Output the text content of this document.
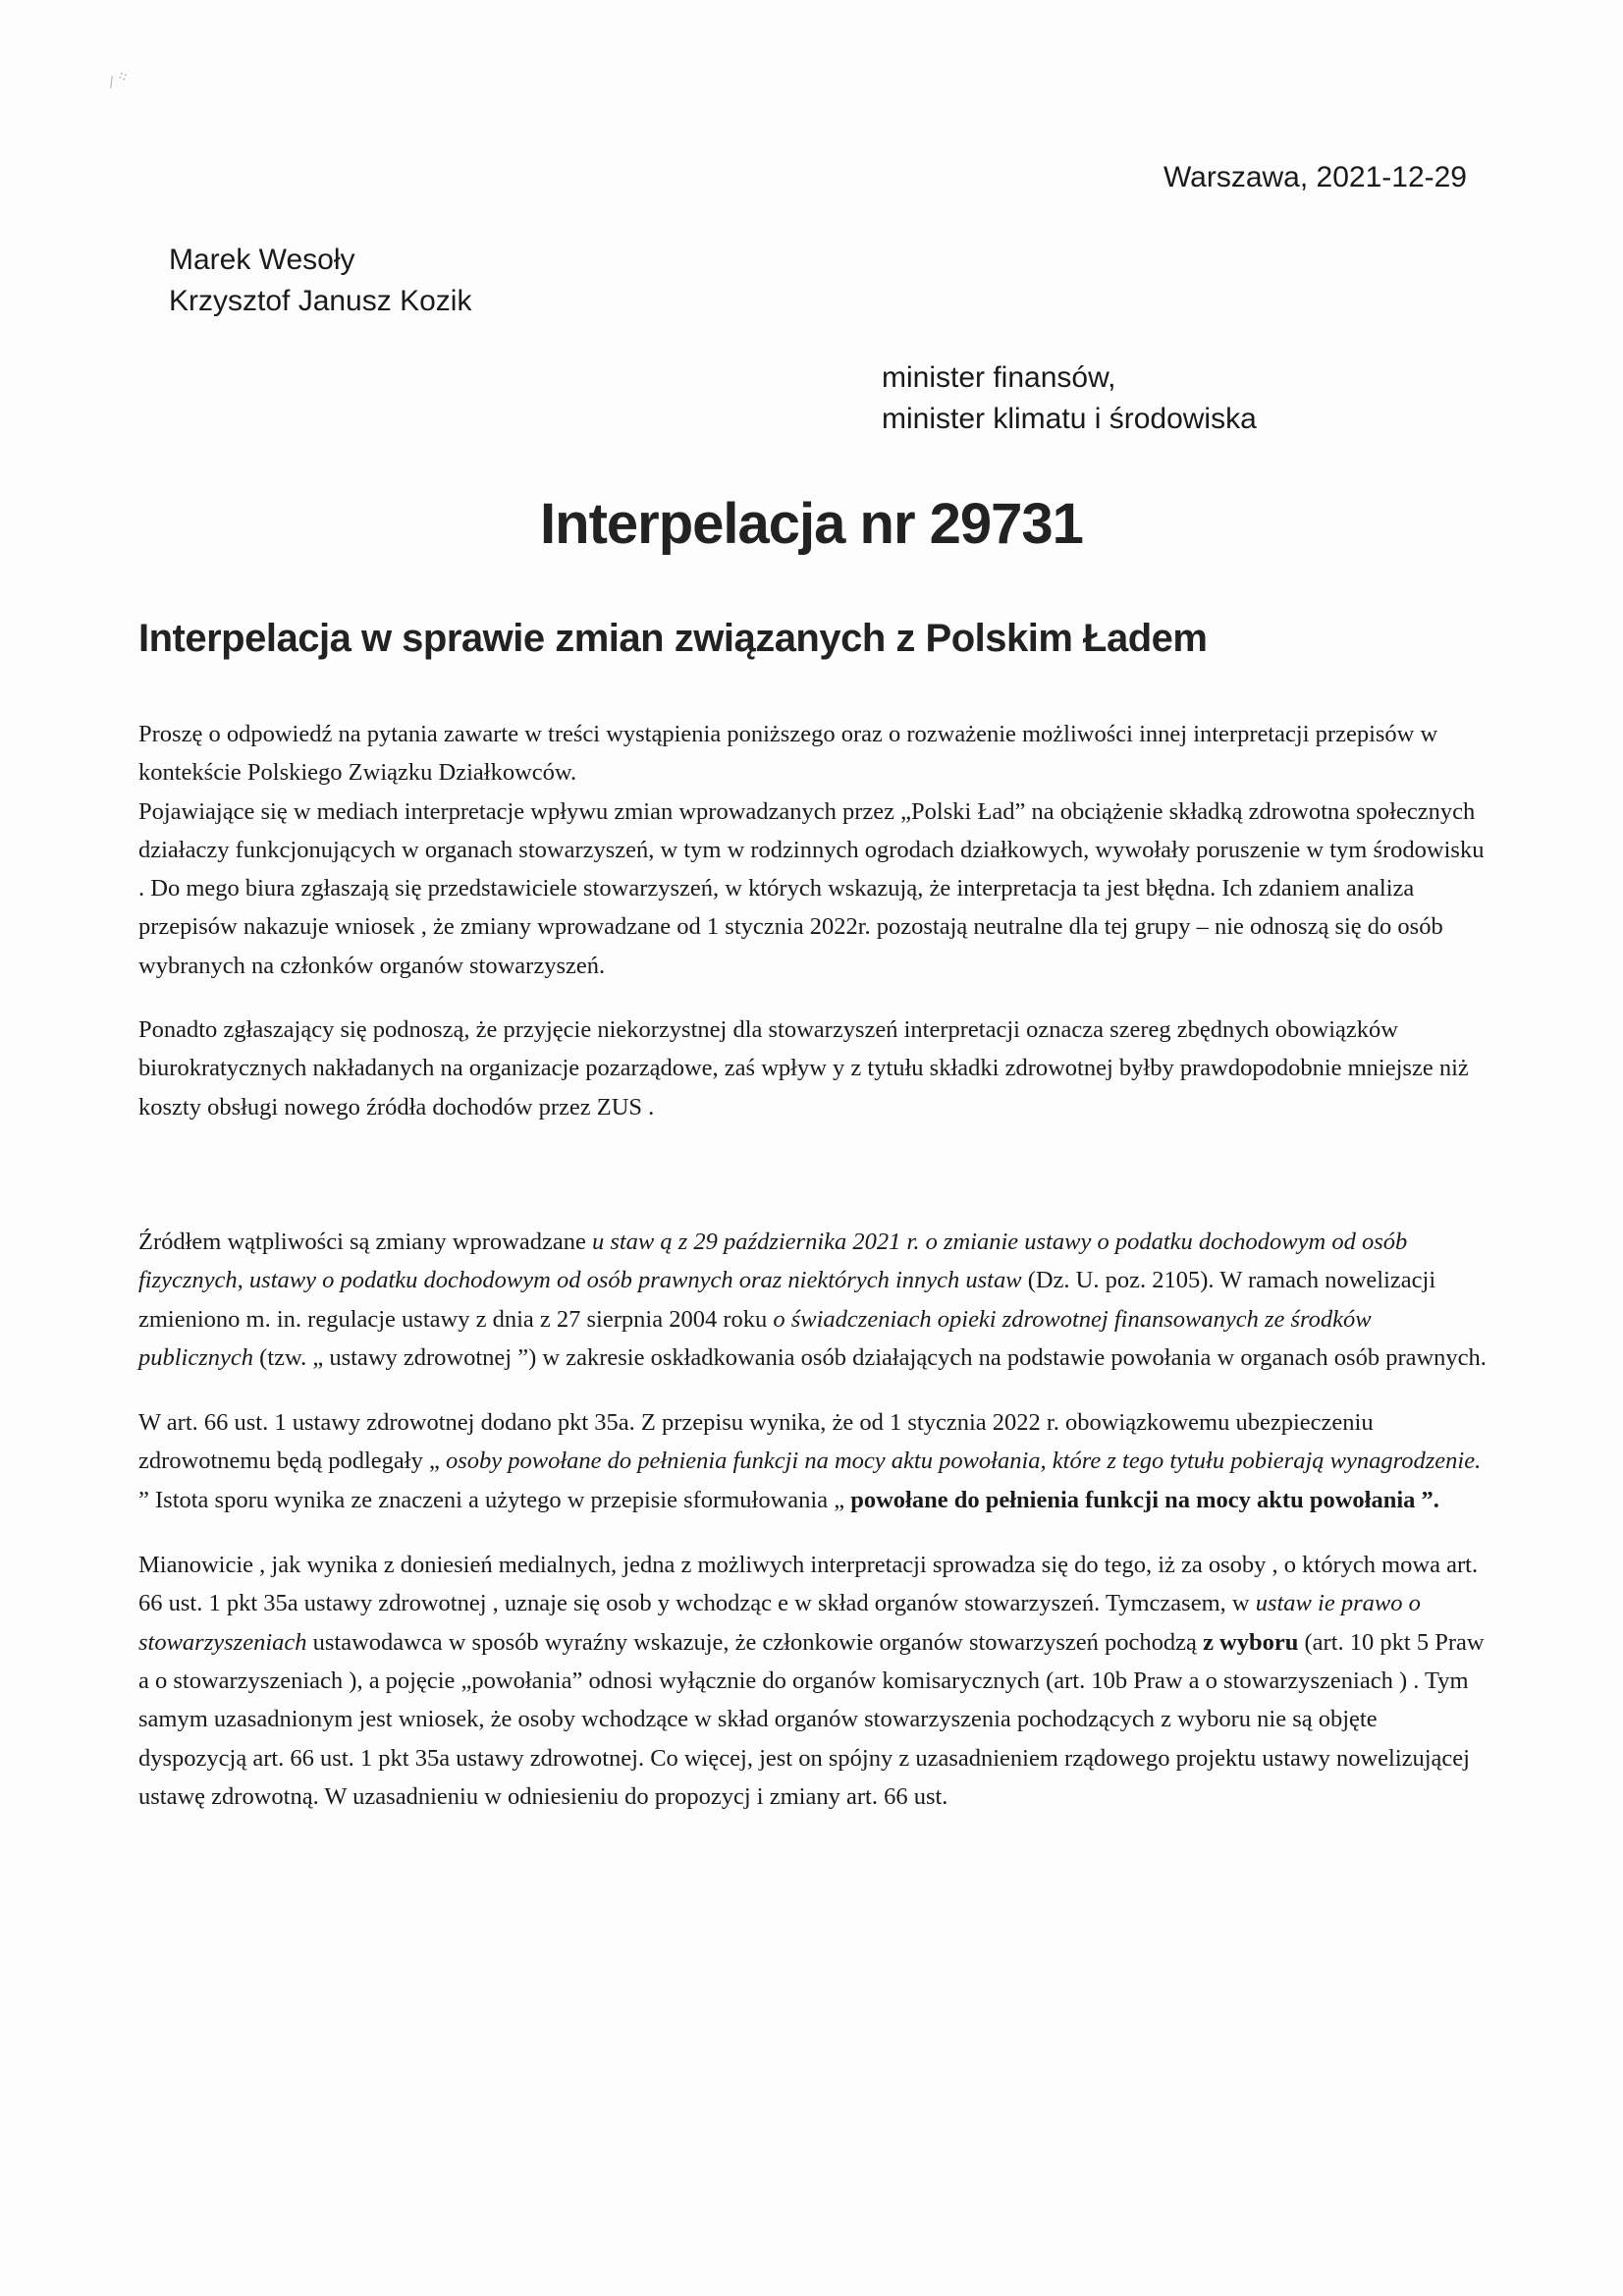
⁄ ⁘
Warszawa, 2021-12-29
Marek Wesoły
Krzysztof Janusz Kozik
minister finansów,
minister klimatu i środowiska
Interpelacja nr 29731
Interpelacja w sprawie zmian związanych z Polskim Ładem

Proszę o odpowiedź na pytania zawarte w treści wystąpienia poniższego oraz o rozważenie możliwości innej interpretacji przepisów w kontekście Polskiego Związku Działkowców.

Pojawiające się w mediach interpretacje wpływu zmian wprowadzanych przez „Polski Ład” na obciążenie składką zdrowotna społecznych działaczy funkcjonujących w organach stowarzyszeń, w tym w rodzinnych ogrodach działkowych, wywołały poruszenie w tym środowisku . Do mego biura zgłaszają się przedstawiciele stowarzyszeń, w których wskazują, że interpretacja ta jest błędna. Ich zdaniem analiza przepisów nakazuje wniosek , że zmiany wprowadzane od 1 stycznia 2022r. pozostają neutralne dla tej grupy – nie odnoszą się do osób wybranych na członków organów stowarzyszeń.

Ponadto zgłaszający się podnoszą, że przyjęcie niekorzystnej dla stowarzyszeń interpretacji oznacza szereg zbędnych obowiązków biurokratycznych nakładanych na organizacje pozarządowe, zaś wpływ y z tytułu składki zdrowotnej byłby prawdopodobnie mniejsze niż koszty obsługi nowego źródła dochodów przez ZUS .

Źródłem wątpliwości są zmiany wprowadzane u staw ą z 29 października 2021 r. o zmianie ustawy o podatku dochodowym od osób fizycznych, ustawy o podatku dochodowym od osób prawnych oraz niektórych innych ustaw (Dz. U. poz. 2105). W ramach nowelizacji zmieniono m. in. regulacje ustawy z dnia z 27 sierpnia 2004 roku o świadczeniach opieki zdrowotnej finansowanych ze środków publicznych (tzw. „ ustawy zdrowotnej ”) w zakresie oskładkowania osób działających na podstawie powołania w organach osób prawnych.

W art. 66 ust. 1 ustawy zdrowotnej dodano pkt 35a. Z przepisu wynika, że od 1 stycznia 2022 r. obowiązkowemu ubezpieczeniu zdrowotnemu będą podlegały „ osoby powołane do pełnienia funkcji na mocy aktu powołania, które z tego tytułu pobierają wynagrodzenie. ” Istota sporu wynika ze znaczeni a użytego w przepisie sformułowania „ powołane do pełnienia funkcji na mocy aktu powołania ”.

Mianowicie , jak wynika z doniesień medialnych, jedna z możliwych interpretacji sprowadza się do tego, iż za osoby , o których mowa art. 66 ust. 1 pkt 35a ustawy zdrowotnej , uznaje się osob y wchodząc e w skład organów stowarzyszeń. Tymczasem, w ustaw ie prawo o stowarzyszeniach ustawodawca w sposób wyraźny wskazuje, że członkowie organów stowarzyszeń pochodzą z wyboru (art. 10 pkt 5 Praw a o stowarzyszeniach ), a pojęcie „powołania” odnosi wyłącznie do organów komisarycznych (art. 10b Praw a o stowarzyszeniach ) . Tym samym uzasadnionym jest wniosek, że osoby wchodzące w skład organów stowarzyszenia pochodzących z wyboru nie są objęte dyspozycją art. 66 ust. 1 pkt 35a ustawy zdrowotnej. Co więcej, jest on spójny z uzasadnieniem rządowego projektu ustawy nowelizującej ustawę zdrowotną. W uzasadnieniu w odniesieniu do propozycj i zmiany art. 66 ust.
